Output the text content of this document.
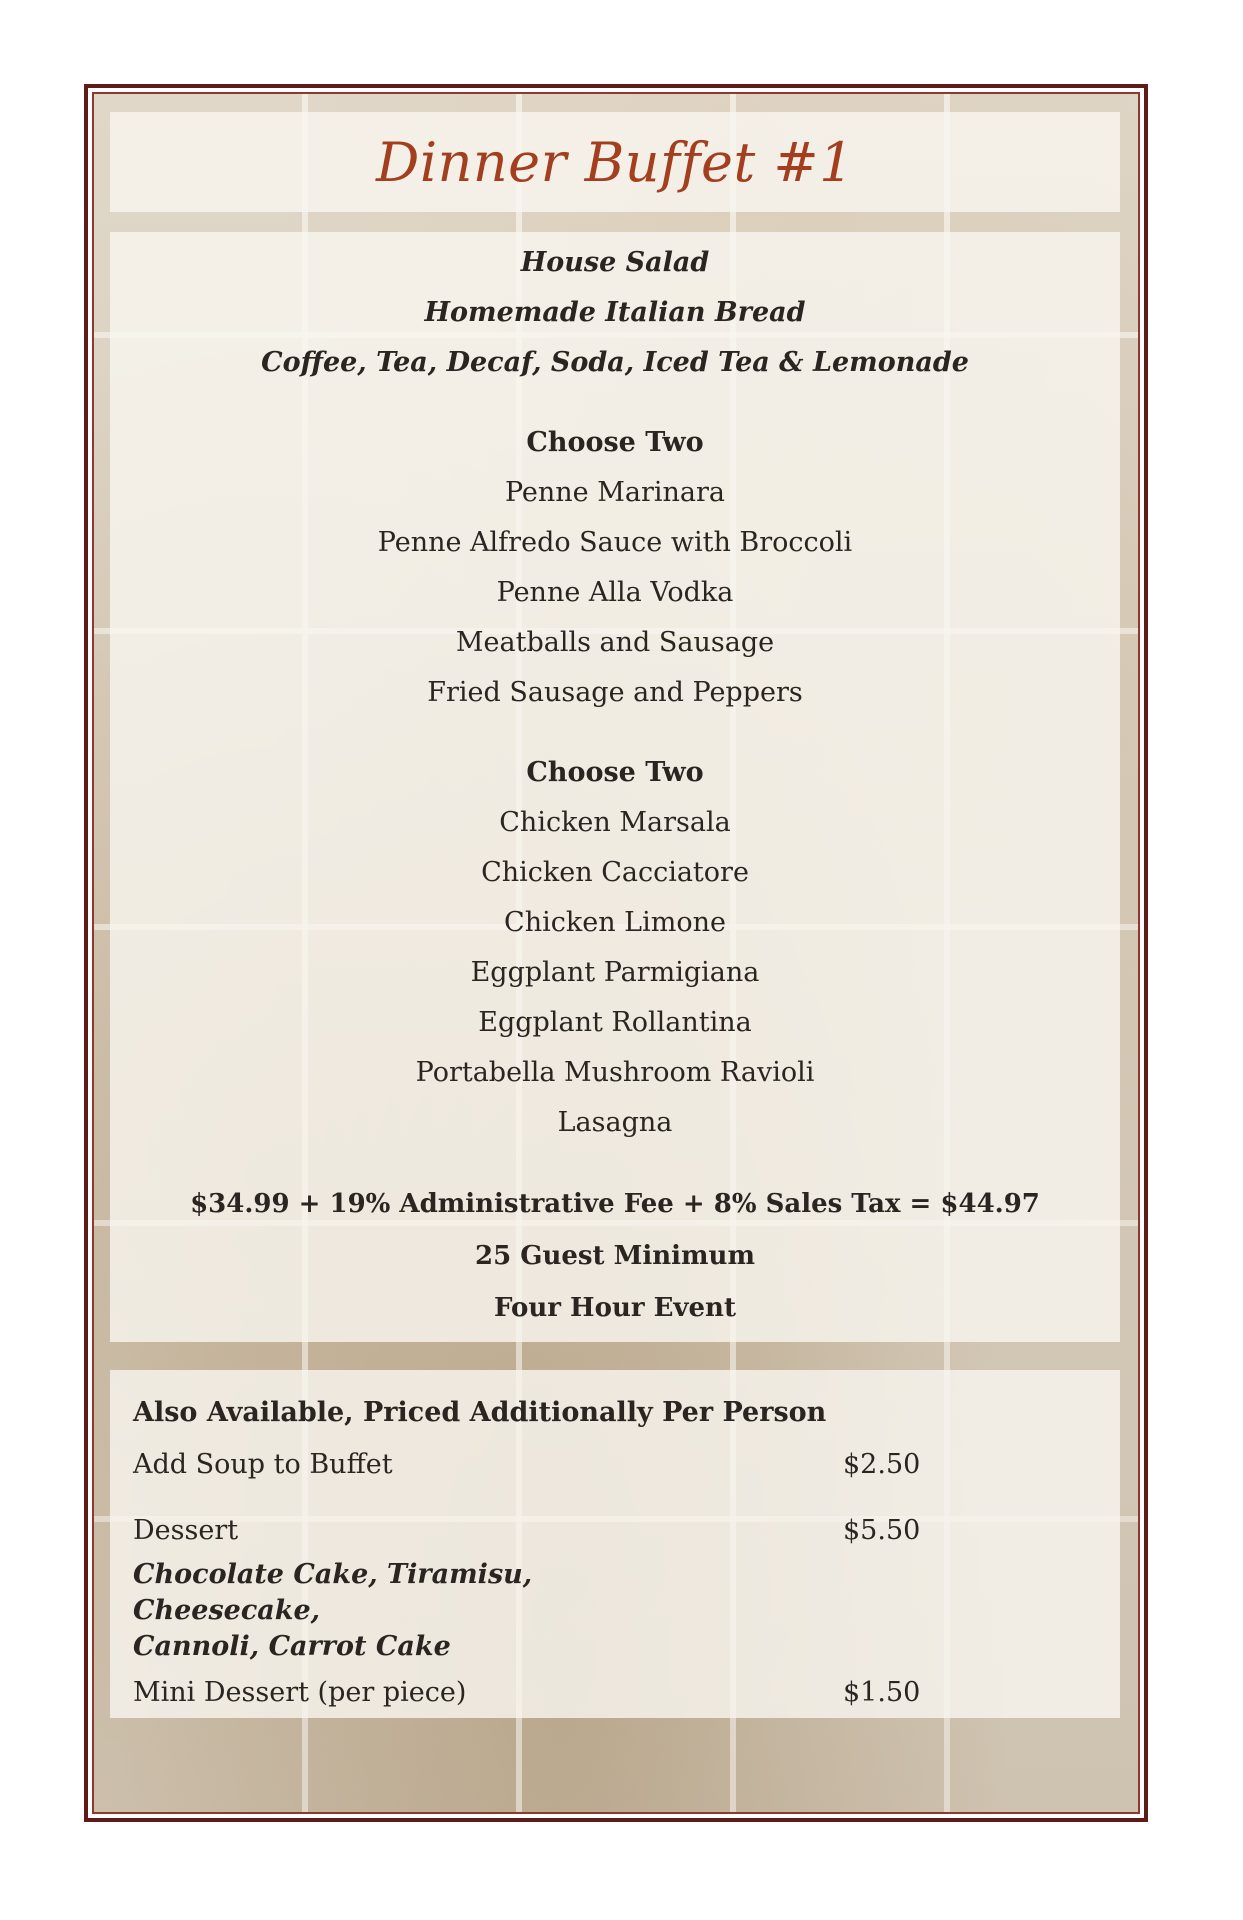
Dinner Buffet #1
House Salad
Homemade Italian Bread
Coffee, Tea, Decaf, Soda, Iced Tea & Lemonade
Choose Two
Penne Marinara
Penne Alfredo Sauce with Broccoli
Penne Alla Vodka
Meatballs and Sausage
Fried Sausage and Peppers
Choose Two
Chicken Marsala
Chicken Cacciatore
Chicken Limone
Eggplant Parmigiana
Eggplant Rollantina
Portabella Mushroom Ravioli
Lasagna
$34.99 + 19% Administrative Fee + 8% Sales Tax = $44.97
25 Guest Minimum
Four Hour Event
Also Available, Priced Additionally Per Person
Add Soup to Buffet	$2.50
Dessert	$5.50
Chocolate Cake, Tiramisu, Cheesecake,
Cannoli, Carrot Cake
Mini Dessert (per piece)	$1.50
